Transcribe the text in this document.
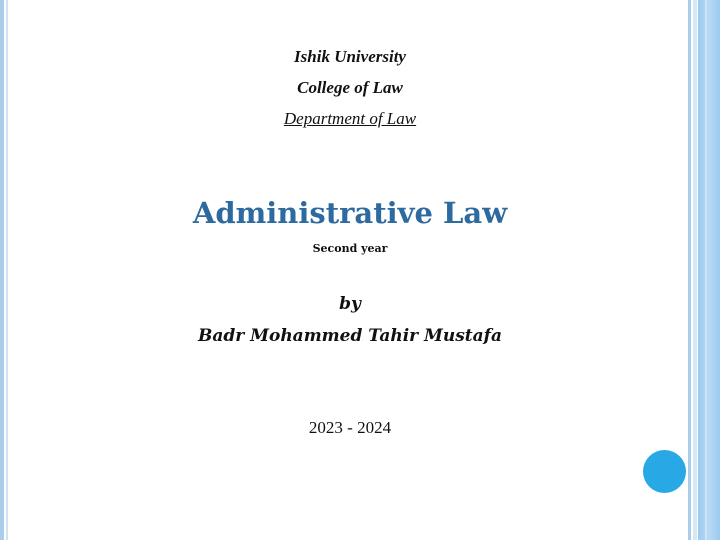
Ishik University
College of Law
Department of Law
Administrative Law
Second year
by
Badr Mohammed Tahir Mustafa
2023 - 2024
